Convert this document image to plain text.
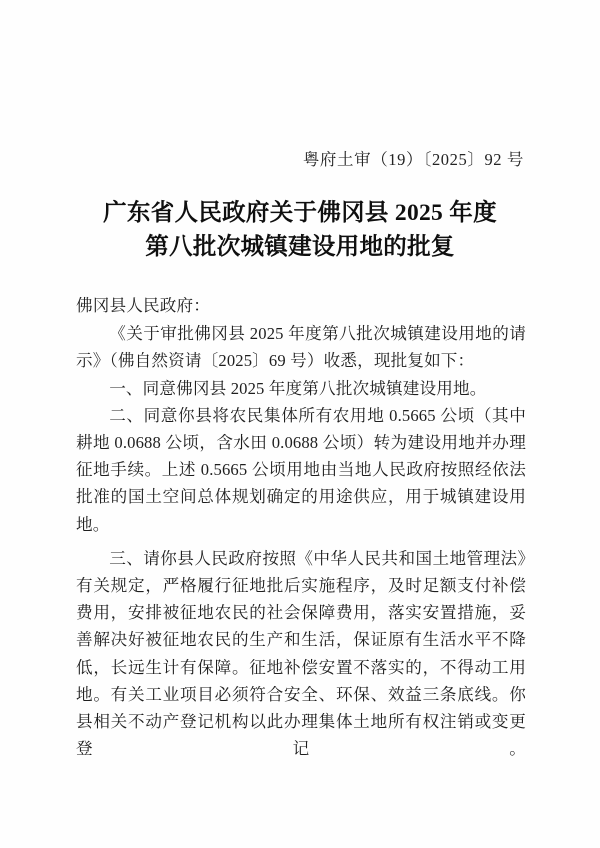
粤府土审（19）〔2025〕92 号
广东省人民政府关于佛冈县 2025 年度
第八批次城镇建设用地的批复

佛冈县人民政府：

《关于审批佛冈县 2025 年度第八批次城镇建设用地的请示》（佛自然资请〔2025〕69 号）收悉，现批复如下：

一、同意佛冈县 2025 年度第八批次城镇建设用地。

二、同意你县将农民集体所有农用地 0.5665 公顷（其中耕地 0.0688 公顷，含水田 0.0688 公顷）转为建设用地并办理征地手续。上述 0.5665 公顷用地由当地人民政府按照经依法批准的国土空间总体规划确定的用途供应，用于城镇建设用地。

三、请你县人民政府按照《中华人民共和国土地管理法》有关规定，严格履行征地批后实施程序，及时足额支付补偿费用，安排被征地农民的社会保障费用，落实安置措施，妥善解决好被征地农民的生产和生活，保证原有生活水平不降低，长远生计有保障。征地补偿安置不落实的，不得动工用地。有关工业项目必须符合安全、环保、效益三条底线。你县相关不动产登记机构以此办理集体土地所有权注销或变更登记。
